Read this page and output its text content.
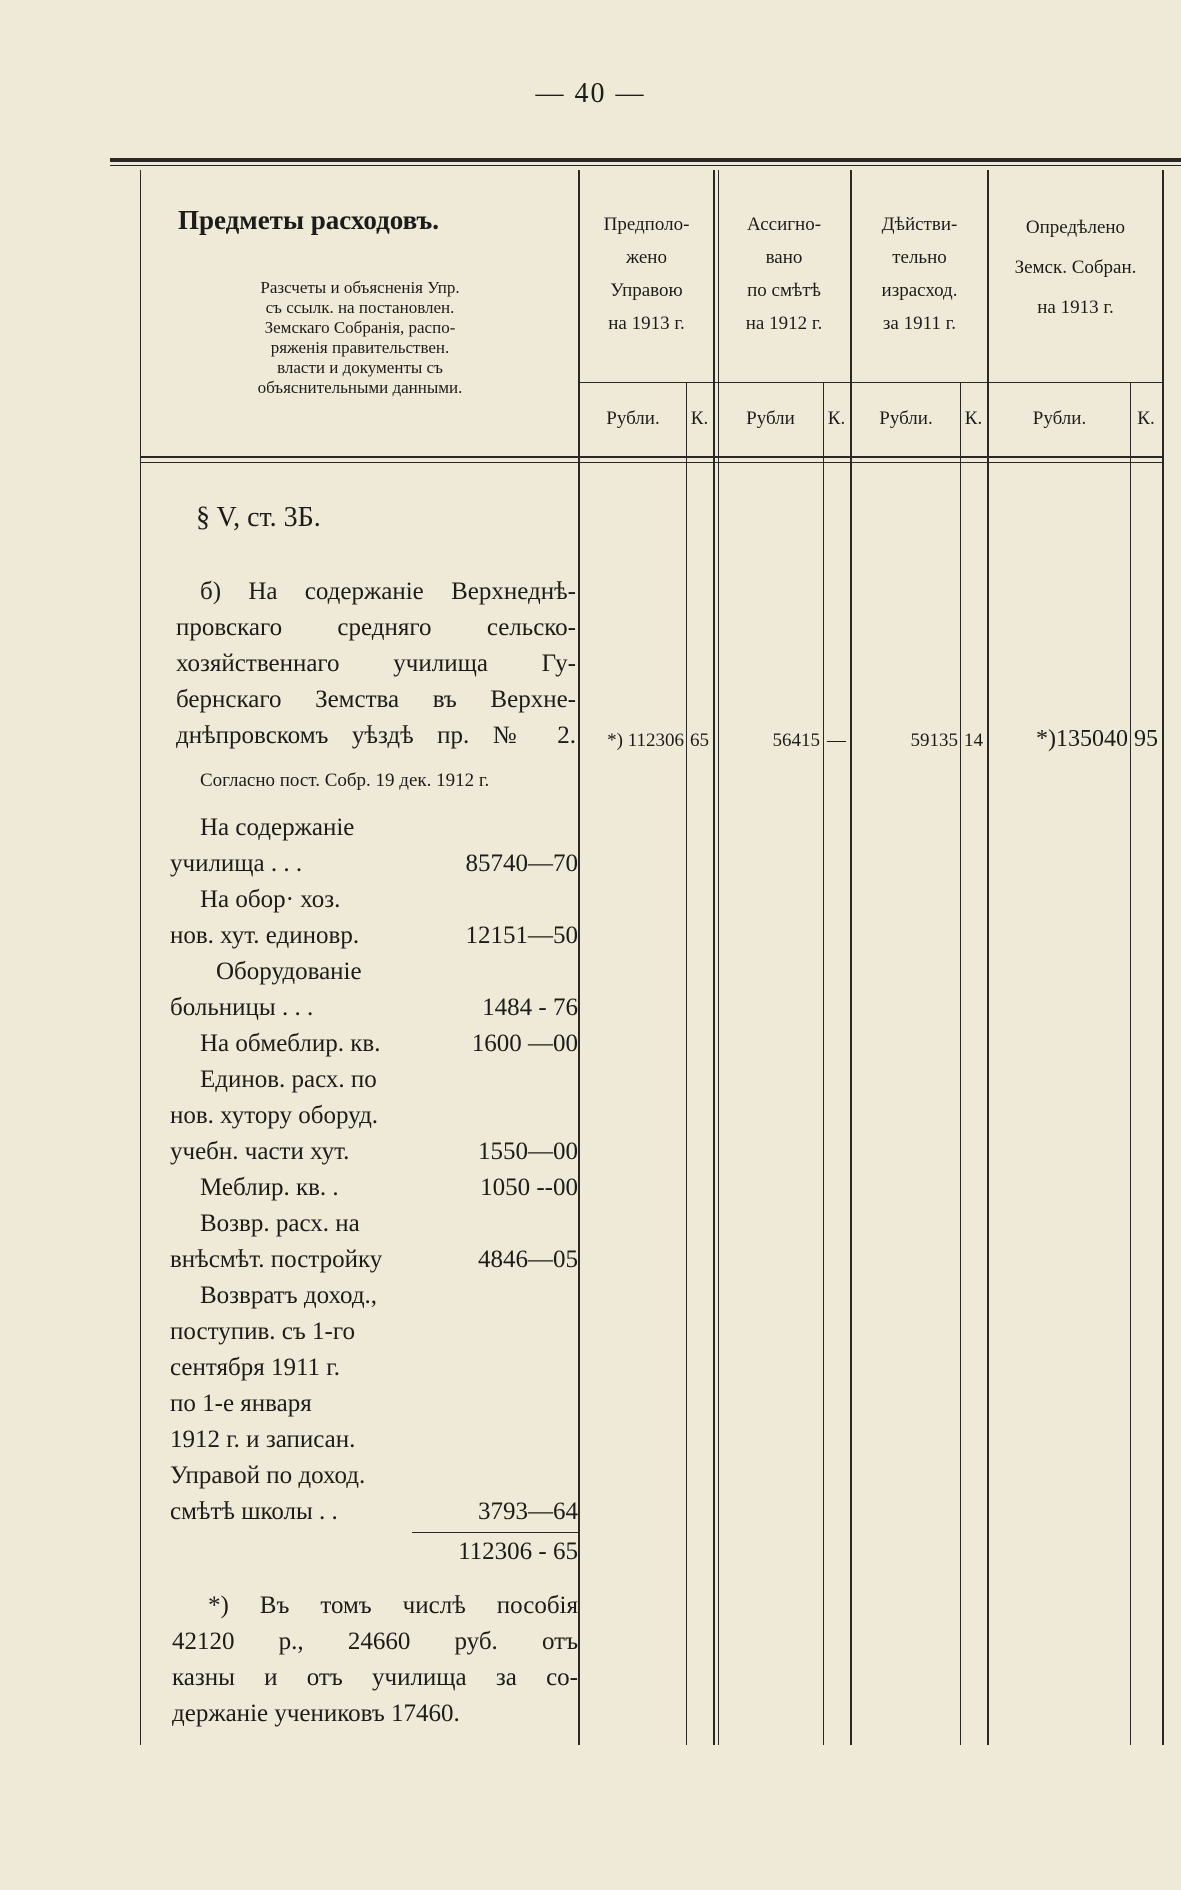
— 40 —
Предметы расходовъ.
Разсчеты и объясненія Упр.
съ ссылк. на постановлен.
Земскаго Собранія, распо-
ряженія правительствен.
власти и документы съ
объяснительными данными.
Предполо-
жено
Управою
на 1913 г.
Ассигно-
вано
по смѣтѣ
на 1912 г.
Дѣйстви-
тельно
израсход.
за 1911 г.
Опредѣлено
Земск. Собран.
на 1913 г.
Рубли.	К.	Рубли	К.	Рубли.	К.	Рубли.	К.
§ V, ст. 3Б.
б) На содержаніе Верхнеднѣ-
провскаго средняго сельско-
хозяйственнаго училища Гу-
бернскаго Земства въ Верхне-
днѣпровскомъ уѣздѣ пр. № 2.
Согласно пост. Собр. 19 дек. 1912 г.
*) 112306 65	56415 —	59135 14	*)135040 95
На содержаніе
училища . . .	85740—70
На обор· хоз.
нов. хут. единовр.	12151—50
Оборудованіе
больницы . . .	1484 - 76
На обмеблир. кв.	1600 —00
Единов. расх. по
нов. хутору оборуд.
учебн. части хут.	1550—00
Меблир. кв. .	1050 --00
Возвр. расх. на
внѣсмѣт. постройку	4846—05
Возвратъ доход.,
поступив. съ 1-го
сентября 1911 г.
по 1-е января
1912 г. и записан.
Управой по доход.
смѣтѣ школы . .	3793—64
112306 - 65
*) Въ томъ числѣ пособія
42120 р., 24660 руб. отъ
казны и отъ училища за со-
держаніе учениковъ 17460.
